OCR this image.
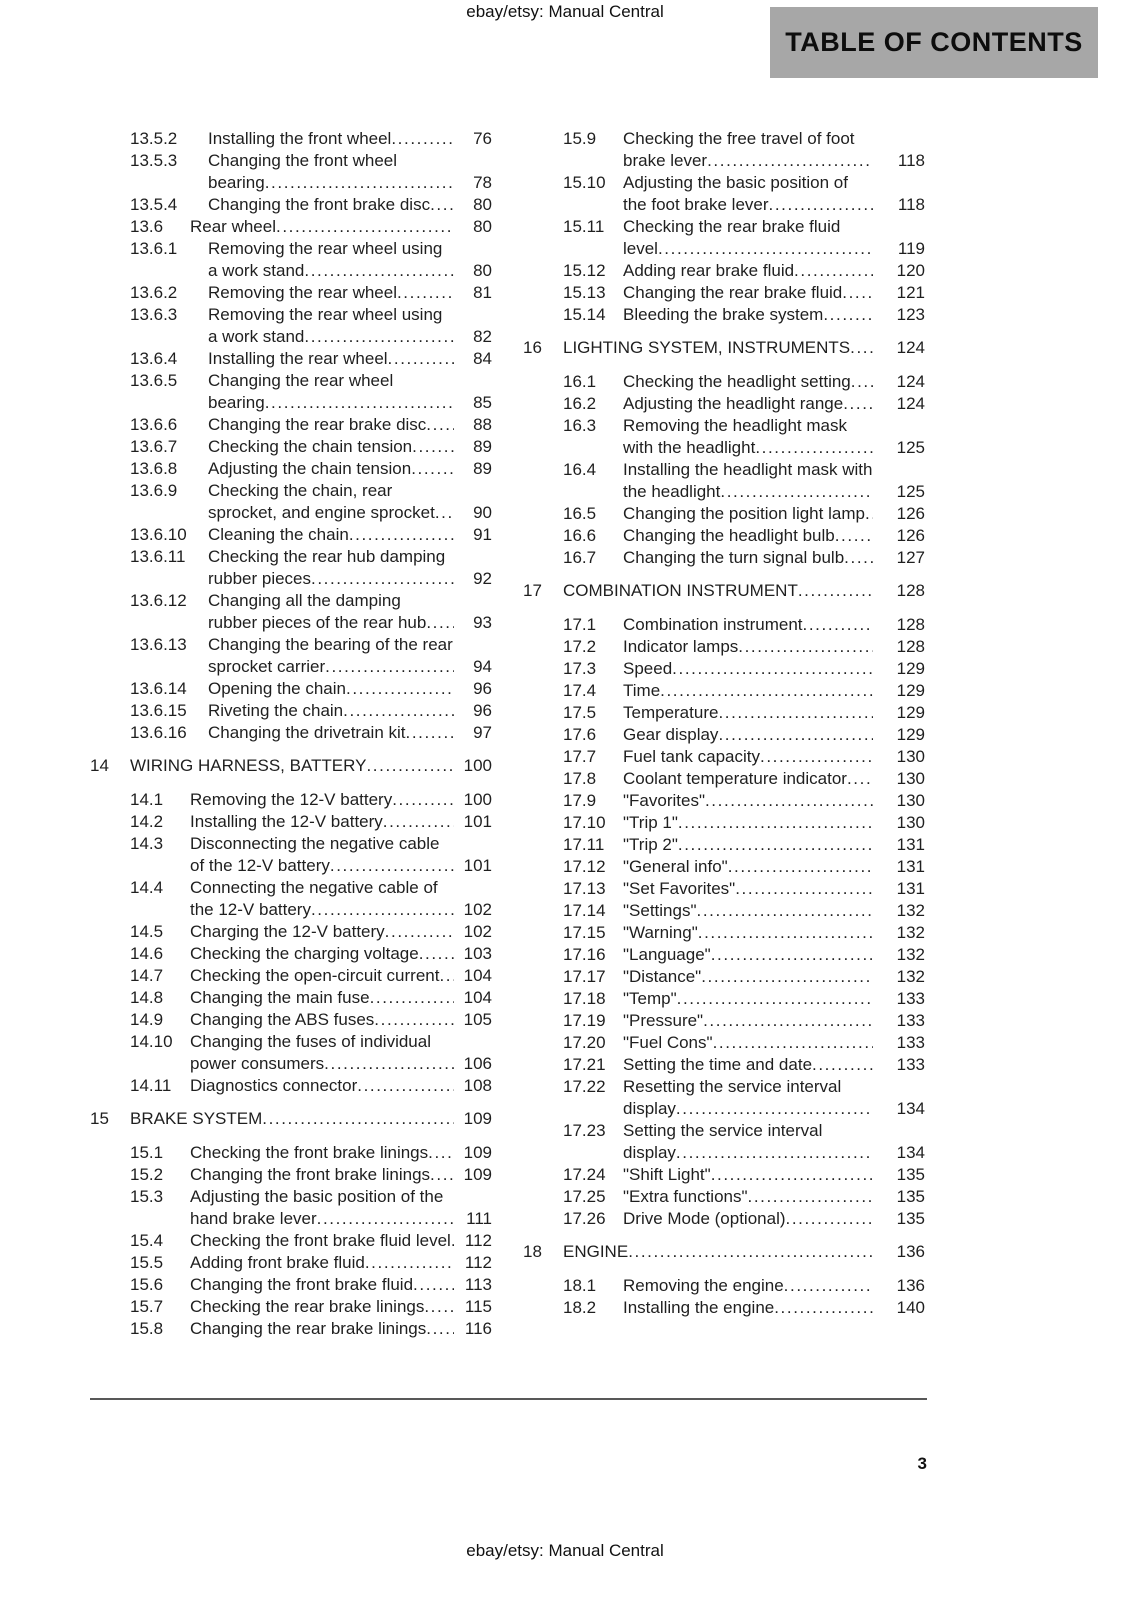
ebay/etsy: Manual Central
TABLE OF CONTENTS
13.5.2	Installing the front wheel .....	76
13.5.3	Changing the front wheel bearing .....	78
13.5.4	Changing the front brake disc .....	80
13.6	Rear wheel .....	80
13.6.1	Removing the rear wheel using a work stand .....	80
13.6.2	Removing the rear wheel .....	81
13.6.3	Removing the rear wheel using a work stand .....	82
13.6.4	Installing the rear wheel .....	84
13.6.5	Changing the rear wheel bearing .....	85
13.6.6	Changing the rear brake disc .....	88
13.6.7	Checking the chain tension .....	89
13.6.8	Adjusting the chain tension .....	89
13.6.9	Checking the chain, rear sprocket, and engine sprocket .....	90
13.6.10	Cleaning the chain .....	91
13.6.11	Checking the rear hub damping rubber pieces .....	92
13.6.12	Changing all the damping rubber pieces of the rear hub .....	93
13.6.13	Changing the bearing of the rear sprocket carrier .....	94
13.6.14	Opening the chain .....	96
13.6.15	Riveting the chain .....	96
13.6.16	Changing the drivetrain kit .....	97
14	WIRING HARNESS, BATTERY .....	100
14.1	Removing the 12-V battery .....	100
14.2	Installing the 12-V battery .....	101
14.3	Disconnecting the negative cable of the 12-V battery .....	101
14.4	Connecting the negative cable of the 12-V battery .....	102
14.5	Charging the 12-V battery .....	102
14.6	Checking the charging voltage .....	103
14.7	Checking the open-circuit current .....	104
14.8	Changing the main fuse .....	104
14.9	Changing the ABS fuses .....	105
14.10	Changing the fuses of individual power consumers .....	106
14.11	Diagnostics connector .....	108
15	BRAKE SYSTEM .....	109
15.1	Checking the front brake linings .....	109
15.2	Changing the front brake linings .....	109
15.3	Adjusting the basic position of the hand brake lever .....	111
15.4	Checking the front brake fluid level ..... 112
15.5	Adding front brake fluid .....	112
15.6	Changing the front brake fluid .....	113
15.7	Checking the rear brake linings .....	115
15.8	Changing the rear brake linings .....	116
15.9	Checking the free travel of foot brake lever .....	118
15.10	Adjusting the basic position of the foot brake lever .....	118
15.11	Checking the rear brake fluid level .....	119
15.12	Adding rear brake fluid .....	120
15.13	Changing the rear brake fluid .....	121
15.14	Bleeding the brake system .....	123
16	LIGHTING SYSTEM, INSTRUMENTS .....	124
16.1	Checking the headlight setting .....	124
16.2	Adjusting the headlight range .....	124
16.3	Removing the headlight mask with the headlight .....	125
16.4	Installing the headlight mask with the headlight .....	125
16.5	Changing the position light lamp .....	126
16.6	Changing the headlight bulb .....	126
16.7	Changing the turn signal bulb .....	127
17	COMBINATION INSTRUMENT .....	128
17.1	Combination instrument .....	128
17.2	Indicator lamps .....	128
17.3	Speed .....	129
17.4	Time .....	129
17.5	Temperature .....	129
17.6	Gear display .....	129
17.7	Fuel tank capacity .....	130
17.8	Coolant temperature indicator .....	130
17.9	"Favorites" .....	130
17.10	"Trip 1" .....	130
17.11	"Trip 2" .....	131
17.12	"General info" .....	131
17.13	"Set Favorites" .....	131
17.14	"Settings" .....	132
17.15	"Warning" .....	132
17.16	"Language" .....	132
17.17	"Distance" .....	132
17.18	"Temp" .....	133
17.19	"Pressure" .....	133
17.20	"Fuel Cons" .....	133
17.21	Setting the time and date .....	133
17.22	Resetting the service interval display .....	134
17.23	Setting the service interval display .....	134
17.24	"Shift Light" .....	135
17.25	"Extra functions" .....	135
17.26	Drive Mode (optional) .....	135
18	ENGINE .....	136
18.1	Removing the engine .....	136
18.2	Installing the engine .....	140
3
ebay/etsy: Manual Central
